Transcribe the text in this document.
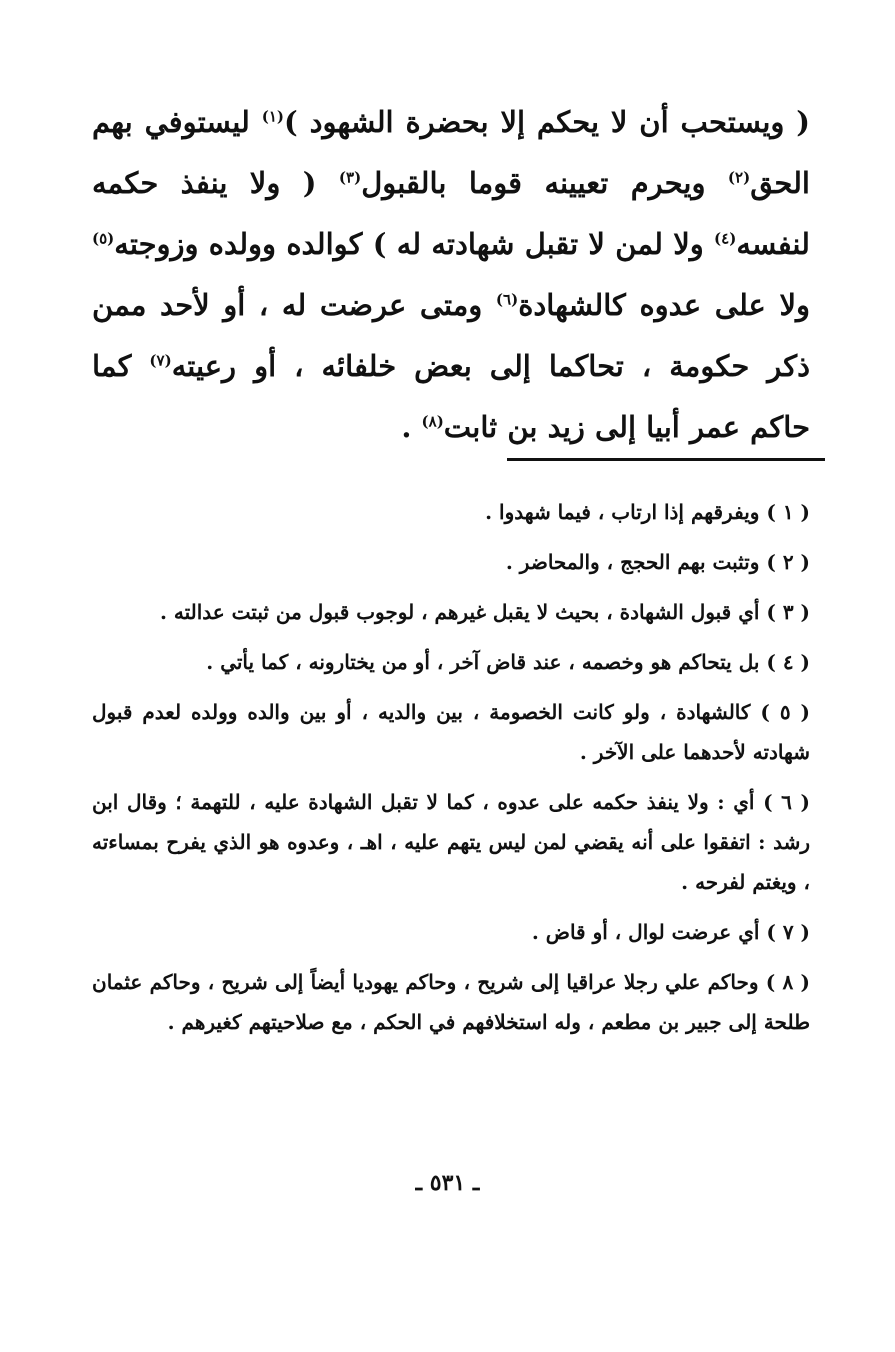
( ويستحب أن لا يحكم إلا بحضرة الشهود )$^{(١)}$ ليستوفي بهم
الحق$^{(٢)}$ ويحرم تعيينه قوما بالقبول$^{(٣)}$ ( ولا ينفذ حكمه
لنفسه$^{(٤)}$ ولا لمن لا تقبل شهادته له ) كوالده وولده وزوجته$^{(٥)}$
ولا على عدوه كالشهادة$^{(٦)}$ ومتى عرضت له ، أو لأحد ممن
ذكر حكومة ، تحاكما إلى بعض خلفائه ، أو رعيته$^{(٧)}$ كما
حاكم عمر أبيا إلى زيد بن ثابت$^{(٨)}$ .

( ١ ) ويفرقهم إذا ارتاب ، فيما شهدوا .

( ٢ ) وتثبت بهم الحجج ، والمحاضر .

( ٣ ) أي قبول الشهادة ، بحيث لا يقبل غيرهم ، لوجوب قبول من ثبتت عدالته .

( ٤ ) بل يتحاكم هو وخصمه ، عند قاض آخر ، أو من يختارونه ، كما يأتي .

( ٥ ) كالشهادة ، ولو كانت الخصومة ، بين والديه ، أو بين والده وولده لعدم قبول شهادته لأحدهما على الآخر .

( ٦ ) أي : ولا ينفذ حكمه على عدوه ، كما لا تقبل الشهادة عليه ، للتهمة ؛ وقال ابن رشد : اتفقوا على أنه يقضي لمن ليس يتهم عليه ، اهـ ، وعدوه هو الذي يفرح بمساءته ، ويغتم لفرحه .

( ٧ ) أي عرضت لوال ، أو قاض .

( ٨ ) وحاكم علي رجلا عراقيا إلى شريح ، وحاكم يهوديا أيضاً إلى شريح ، وحاكم عثمان طلحة إلى جبير بن مطعم ، وله استخلافهم في الحكم ، مع صلاحيتهم كغيرهم .

ـ ٥٣١ ـ
